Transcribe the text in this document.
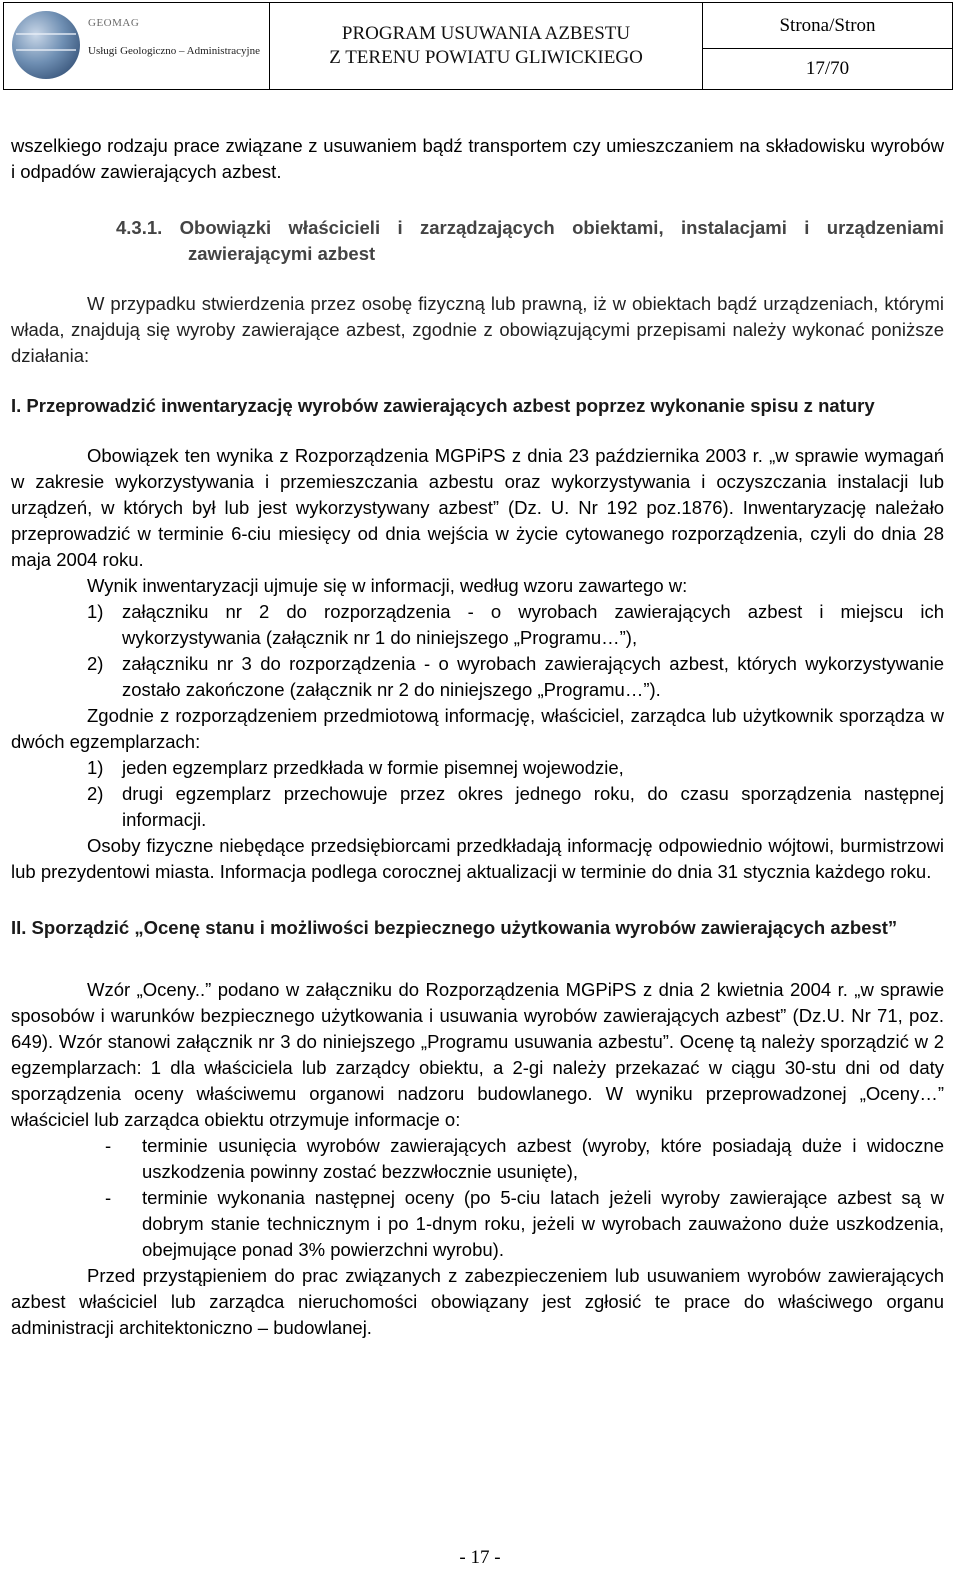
GEOMAG
Usługi Geologiczno – Administracyjne
PROGRAM USUWANIA AZBESTU
Z TERENU POWIATU GLIWICKIEGO
Strona/Stron
17/70

wszelkiego rodzaju prace związane z usuwaniem bądź transportem czy umieszczaniem na składowisku wyrobów i odpadów zawierających azbest.

4.3.1. Obowiązki właścicieli i zarządzających obiektami, instalacjami i urządzeniami zawierającymi azbest

W przypadku stwierdzenia przez osobę fizyczną lub prawną, iż w obiektach bądź urządzeniach, którymi włada, znajdują się wyroby zawierające azbest, zgodnie z obowiązującymi przepisami należy wykonać poniższe działania:

I. Przeprowadzić inwentaryzację wyrobów zawierających azbest poprzez wykonanie spisu z natury

Obowiązek ten wynika z Rozporządzenia MGPiPS z dnia 23 października 2003 r. „w sprawie wymagań w zakresie wykorzystywania i przemieszczania azbestu oraz wykorzystywania i oczyszczania instalacji lub urządzeń, w których był lub jest wykorzystywany azbest” (Dz. U. Nr 192 poz.1876). Inwentaryzację należało przeprowadzić w terminie 6-ciu miesięcy od dnia wejścia w życie cytowanego rozporządzenia, czyli do dnia 28 maja 2004 roku.

Wynik inwentaryzacji ujmuje się w informacji, według wzoru zawartego w:

1) załączniku nr 2 do rozporządzenia - o wyrobach zawierających azbest i miejscu ich wykorzystywania (załącznik nr 1 do niniejszego „Programu…”),
2) załączniku nr 3 do rozporządzenia - o wyrobach zawierających azbest, których wykorzystywanie zostało zakończone (załącznik nr 2 do niniejszego „Programu…”).

Zgodnie z rozporządzeniem przedmiotową informację, właściciel, zarządca lub użytkownik sporządza w dwóch egzemplarzach:

1) jeden egzemplarz przedkłada w formie pisemnej wojewodzie,
2) drugi egzemplarz przechowuje przez okres jednego roku, do czasu sporządzenia następnej informacji.

Osoby fizyczne niebędące przedsiębiorcami przedkładają informację odpowiednio wójtowi, burmistrzowi lub prezydentowi miasta. Informacja podlega corocznej aktualizacji w terminie do dnia 31 stycznia każdego roku.

II. Sporządzić „Ocenę stanu i możliwości bezpiecznego użytkowania wyrobów zawierających azbest”

Wzór „Oceny..” podano w załączniku do Rozporządzenia MGPiPS z dnia 2 kwietnia 2004 r. „w sprawie sposobów i warunków bezpiecznego użytkowania i usuwania wyrobów zawierających azbest” (Dz.U. Nr 71, poz. 649). Wzór stanowi załącznik nr 3 do niniejszego „Programu usuwania azbestu”. Ocenę tą należy sporządzić w 2 egzemplarzach: 1 dla właściciela lub zarządcy obiektu, a 2-gi należy przekazać w ciągu 30-stu dni od daty sporządzenia oceny właściwemu organowi nadzoru budowlanego. W wyniku przeprowadzonej „Oceny…” właściciel lub zarządca obiektu otrzymuje informacje o:

- terminie usunięcia wyrobów zawierających azbest (wyroby, które posiadają duże i widoczne uszkodzenia powinny zostać bezzwłocznie usunięte),
- terminie wykonania następnej oceny (po 5-ciu latach jeżeli wyroby zawierające azbest są w dobrym stanie technicznym i po 1-dnym roku, jeżeli w wyrobach zauważono duże uszkodzenia, obejmujące ponad 3% powierzchni wyrobu).

Przed przystąpieniem do prac związanych z zabezpieczeniem lub usuwaniem wyrobów zawierających azbest właściciel lub zarządca nieruchomości obowiązany jest zgłosić te prace do właściwego organu administracji architektoniczno – budowlanej.

- 17 -
